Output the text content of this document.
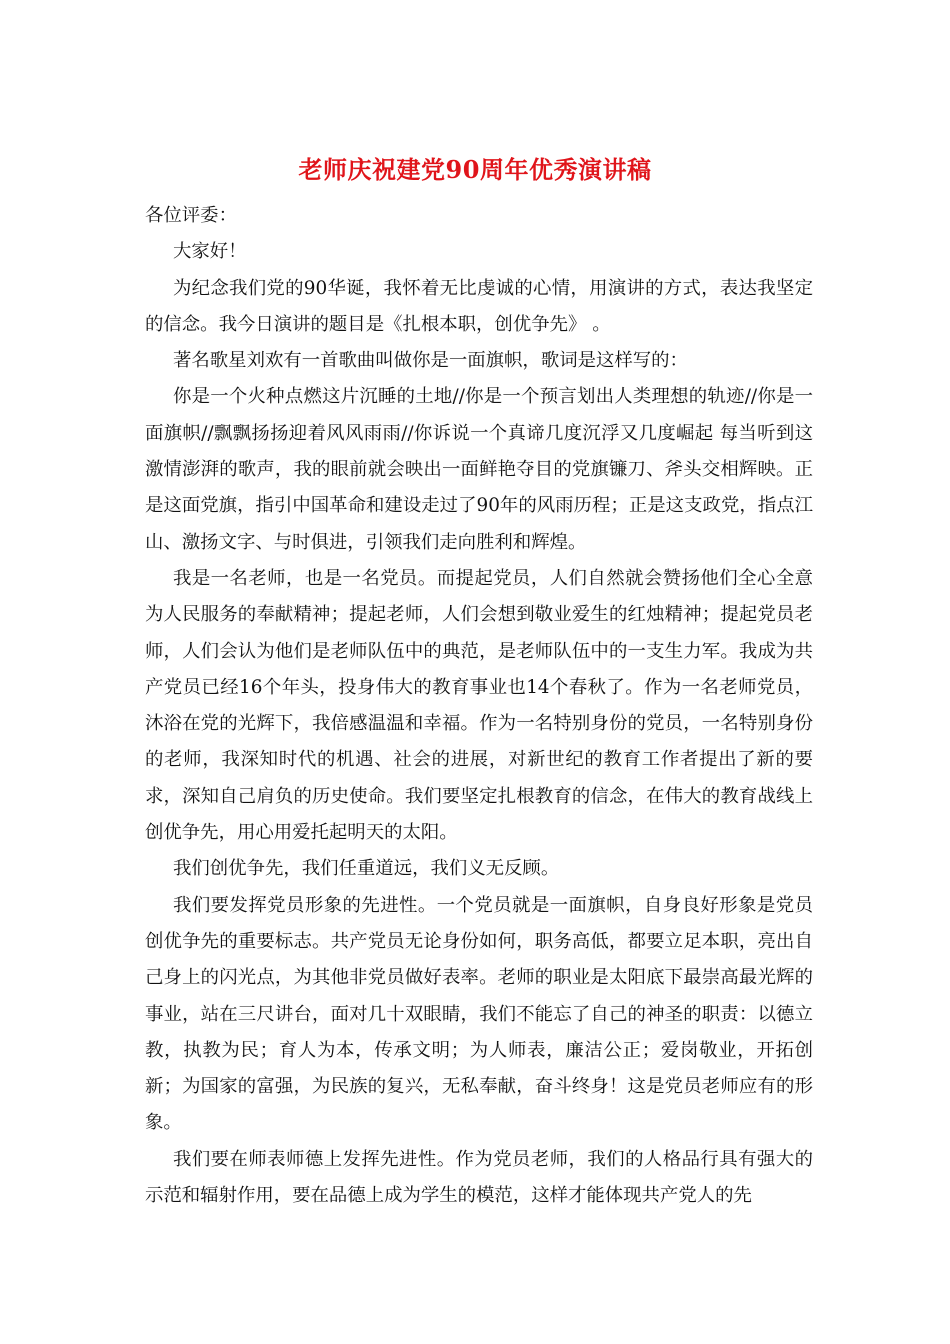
老师庆祝建党90周年优秀演讲稿

各位评委：

大家好！

为纪念我们党的90华诞，我怀着无比虔诚的心情，用演讲的方式，表达我坚定的信念。我今日演讲的题目是《扎根本职，创优争先》 。

著名歌星刘欢有一首歌曲叫做你是一面旗帜，歌词是这样写的：

你是一个火种点燃这片沉睡的土地//你是一个预言划出人类理想的轨迹//你是一面旗帜//飘飘扬扬迎着风风雨雨//你诉说一个真谛几度沉浮又几度崛起 每当听到这激情澎湃的歌声，我的眼前就会映出一面鲜艳夺目的党旗镰刀、斧头交相辉映。正是这面党旗，指引中国革命和建设走过了90年的风雨历程；正是这支政党，指点江山、激扬文字、与时俱进，引领我们走向胜利和辉煌。

我是一名老师，也是一名党员。而提起党员，人们自然就会赞扬他们全心全意为人民服务的奉献精神；提起老师，人们会想到敬业爱生的红烛精神；提起党员老师，人们会认为他们是老师队伍中的典范，是老师队伍中的一支生力军。我成为共产党员已经16个年头，投身伟大的教育事业也14个春秋了。作为一名老师党员，沐浴在党的光辉下，我倍感温温和幸福。作为一名特别身份的党员，一名特别身份的老师，我深知时代的机遇、社会的进展，对新世纪的教育工作者提出了新的要求，深知自己肩负的历史使命。我们要坚定扎根教育的信念，在伟大的教育战线上创优争先，用心用爱托起明天的太阳。

我们创优争先，我们任重道远，我们义无反顾。

我们要发挥党员形象的先进性。一个党员就是一面旗帜，自身良好形象是党员创优争先的重要标志。共产党员无论身份如何，职务高低，都要立足本职，亮出自己身上的闪光点，为其他非党员做好表率。老师的职业是太阳底下最崇高最光辉的事业，站在三尺讲台，面对几十双眼睛，我们不能忘了自己的神圣的职责：以德立教，执教为民；育人为本，传承文明；为人师表，廉洁公正；爱岗敬业，开拓创新；为国家的富强，为民族的复兴，无私奉献，奋斗终身！这是党员老师应有的形象。

我们要在师表师德上发挥先进性。作为党员老师，我们的人格品行具有强大的示范和辐射作用，要在品德上成为学生的模范，这样才能体现共产党人的先
